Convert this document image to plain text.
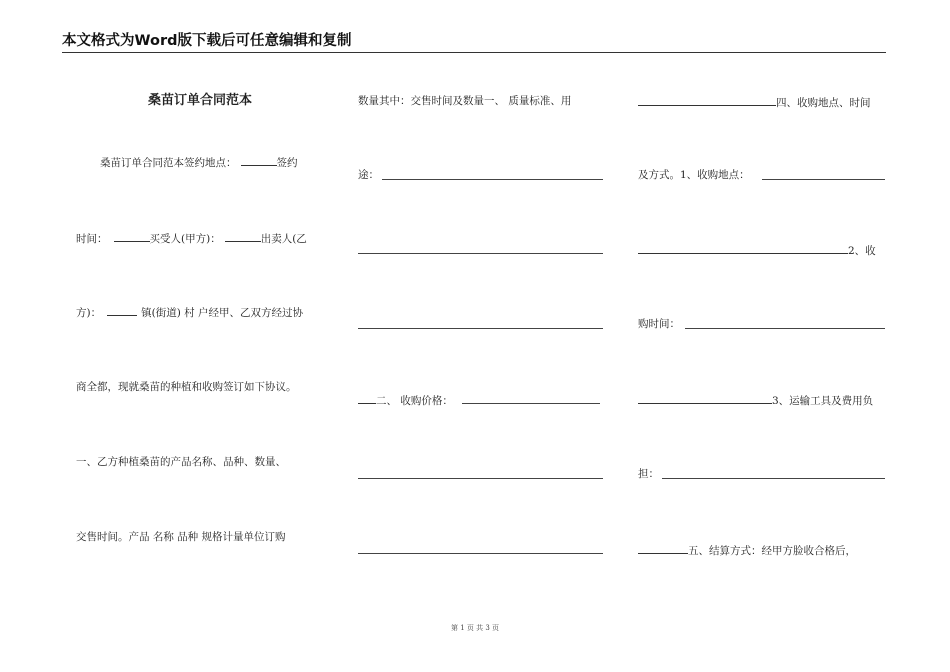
本文格式为Word版下载后可任意编辑和复制
桑苗订单合同范本
桑苗订单合同范本签约地点：	签约
时间：	买受人(甲方)：	出卖人(乙
方)：	镇(街道) 村 户经甲、乙双方经过协
商全都，现就桑苗的种植和收购签订如下协议。
一、乙方种植桑苗的产品名称、品种、数量、
交售时间。产品 名称 品种 规格计量单位订购
数量其中：交售时间及数量一、 质量标准、用
途：
二、 收购价格：
四、收购地点、时间
及方式。1、收购地点：
2、收
购时间：
3、运输工具及费用负
担：
五、结算方式：经甲方脸收合格后，
第 1 页 共 3 页
